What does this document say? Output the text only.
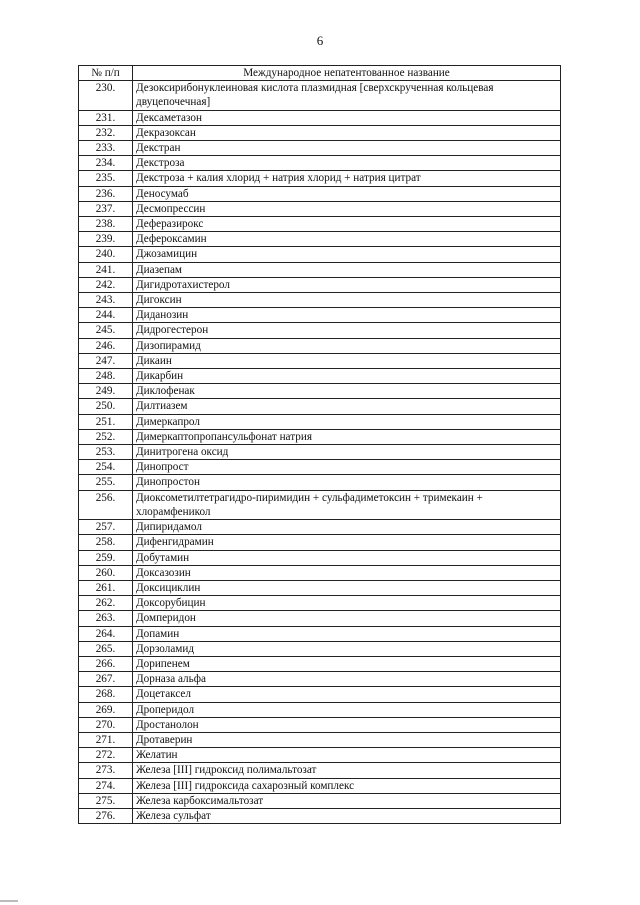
6
№ п/п	Международное непатентованное название
230.	Дезоксирибонуклеиновая кислота плазмидная [сверхскрученная кольцевая двуцепочечная]
231.	Дексаметазон
232.	Декразоксан
233.	Декстран
234.	Декстроза
235.	Декстроза + калия хлорид + натрия хлорид + натрия цитрат
236.	Деносумаб
237.	Десмопрессин
238.	Деферазирокс
239.	Дефероксамин
240.	Джозамицин
241.	Диазепам
242.	Дигидротахистерол
243.	Дигоксин
244.	Диданозин
245.	Дидрогестерон
246.	Дизопирамид
247.	Дикаин
248.	Дикарбин
249.	Диклофенак
250.	Дилтиазем
251.	Димеркапрол
252.	Димеркаптопропансульфонат натрия
253.	Динитрогена оксид
254.	Динопрост
255.	Динопростон
256.	Диоксометилтетрагидро-пиримидин + сульфадиметоксин + тримекаин + хлорамфеникол
257.	Дипиридамол
258.	Дифенгидрамин
259.	Добутамин
260.	Доксазозин
261.	Доксициклин
262.	Доксорубицин
263.	Домперидон
264.	Допамин
265.	Дорзоламид
266.	Дорипенем
267.	Дорназа альфа
268.	Доцетаксел
269.	Дроперидол
270.	Дростанолон
271.	Дротаверин
272.	Желатин
273.	Железа [III] гидроксид полимальтозат
274.	Железа [III] гидроксида сахарозный комплекс
275.	Железа карбоксимальтозат
276.	Железа сульфат
